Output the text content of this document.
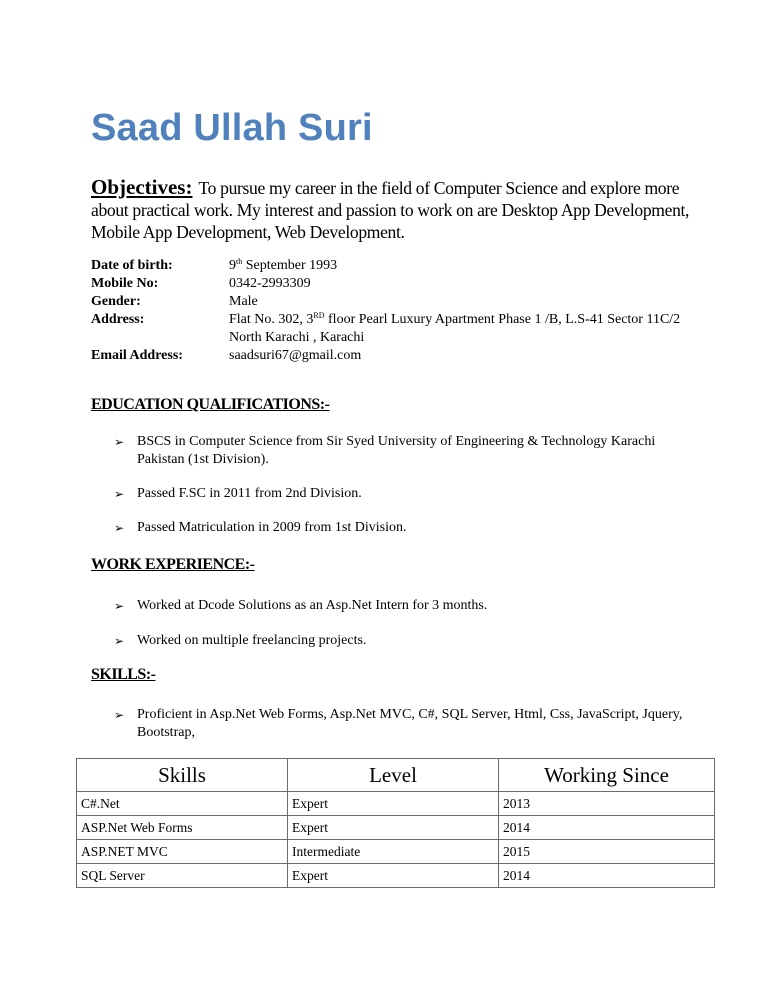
Saad Ullah Suri
Objectives: To pursue my career in the field of Computer Science and explore more about practical work. My interest and passion to work on are Desktop App Development, Mobile App Development, Web Development.
Date of birth:	9th September 1993
Mobile No:	0342-2993309
Gender:	Male
Address:	Flat No. 302, 3RD floor Pearl Luxury Apartment Phase 1 /B, L.S-41 Sector 11C/2 North Karachi , Karachi
Email Address:	saadsuri67@gmail.com
EDUCATION QUALIFICATIONS:-
➢ BSCS in Computer Science from Sir Syed University of Engineering & Technology Karachi Pakistan (1st Division).
➢ Passed F.SC in 2011 from 2nd Division.
➢ Passed Matriculation in 2009 from 1st Division.
WORK EXPERIENCE:-
➢ Worked at Dcode Solutions as an Asp.Net Intern for 3 months.
➢ Worked on multiple freelancing projects.
SKILLS:-
➢ Proficient in Asp.Net Web Forms, Asp.Net MVC, C#, SQL Server, Html, Css, JavaScript, Jquery, Bootstrap,
Skills	Level	Working Since
C#.Net	Expert	2013
ASP.Net Web Forms	Expert	2014
ASP.NET MVC	Intermediate	2015
SQL Server	Expert	2014
